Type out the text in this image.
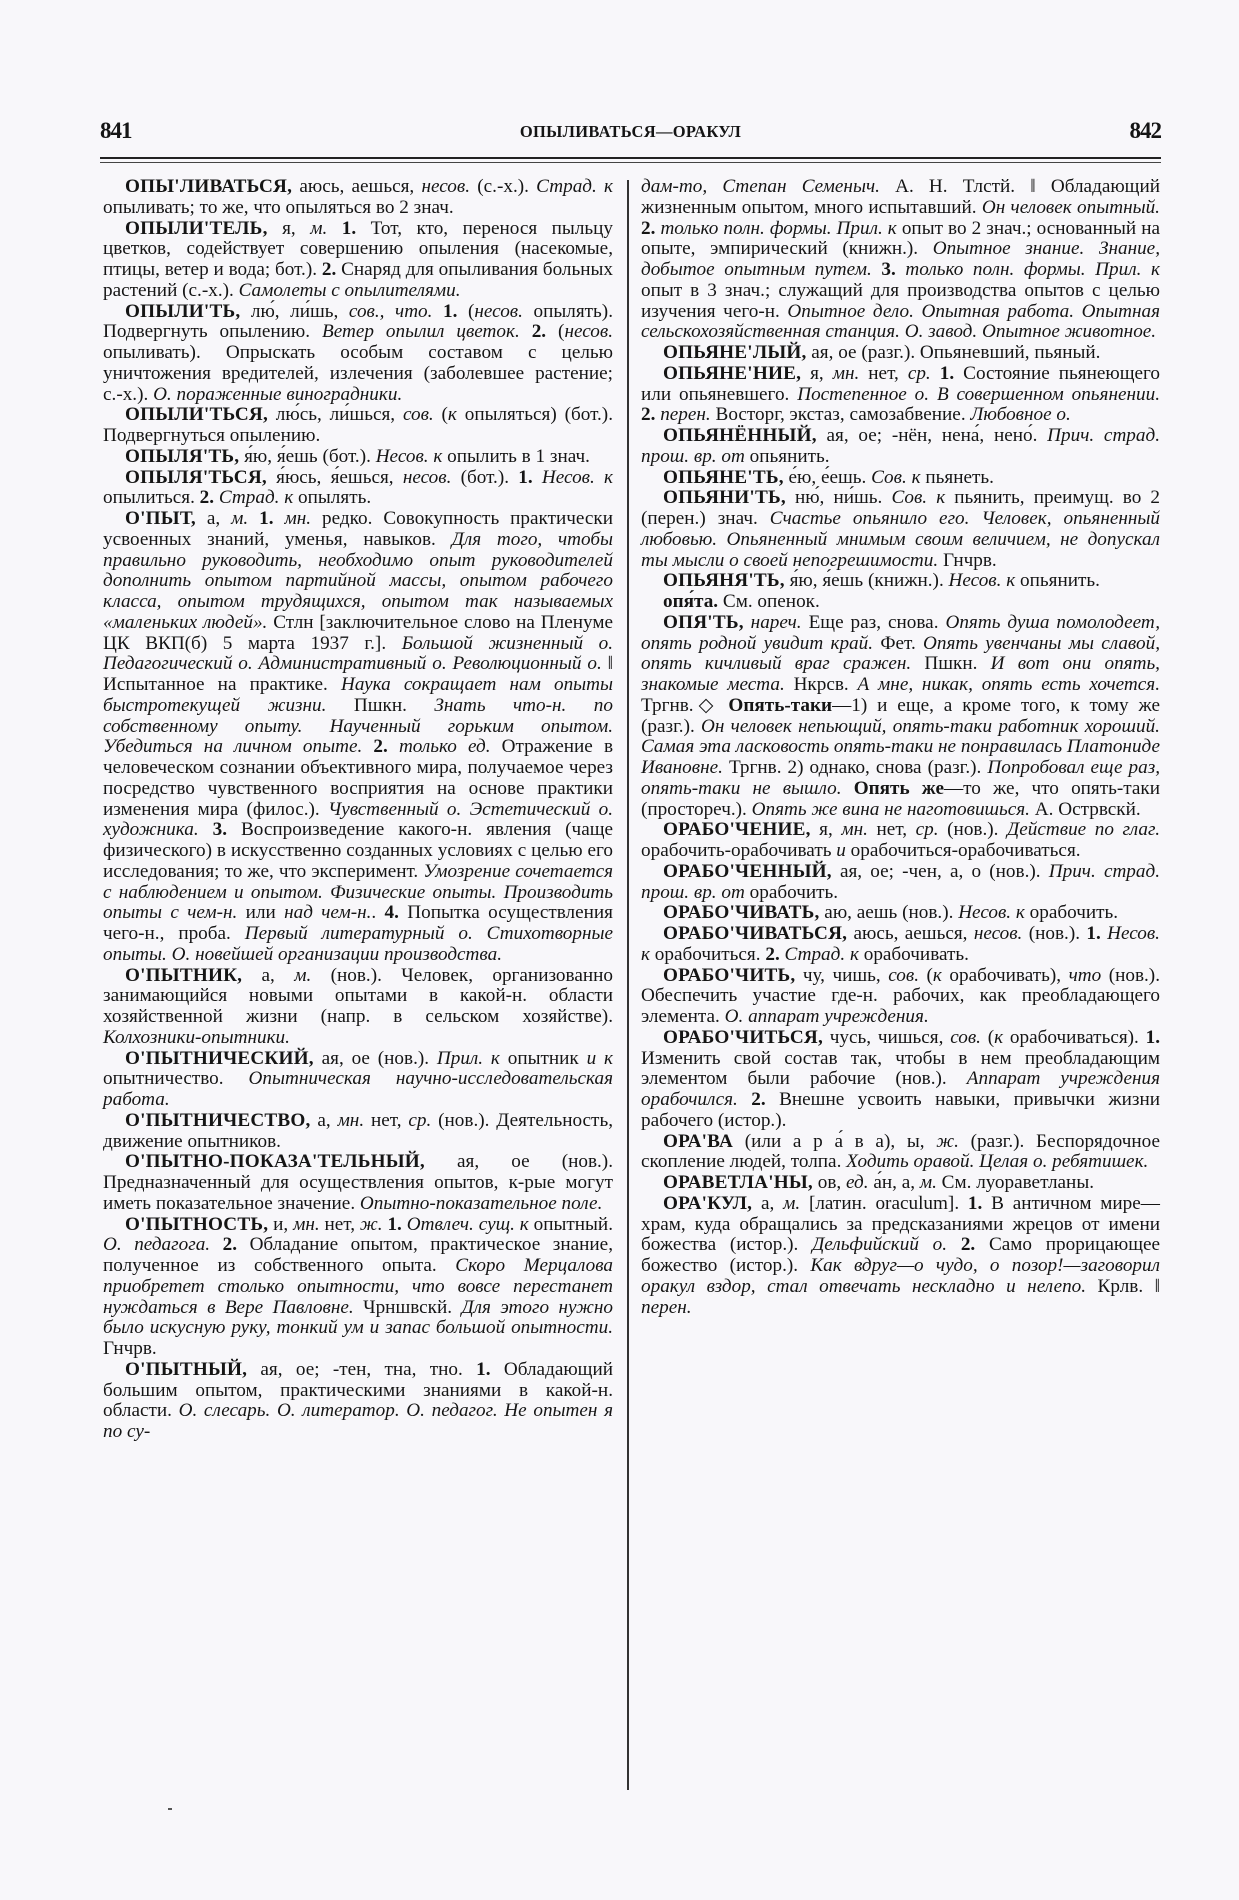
841	ОПЫЛИВАТЬСЯ—ОРАКУЛ	842

ОПЫ'ЛИВАТЬСЯ, аюсь, аешься, несов. (с.-х.). Страд. к опыливать; то же, что опыляться во 2 знач.

ОПЫЛИ'ТЕЛЬ, я, м. 1. Тот, кто, перенося пыльцу цветков, содействует совершению опыления (насекомые, птицы, ветер и вода; бот.). 2. Снаряд для опыливания больных растений (с.-х.). Самолеты с опылителями.

ОПЫЛИ'ТЬ, лю́, ли́шь, сов., что. 1. (несов. опылять). Подвергнуть опылению. Ветер опылил цветок. 2. (несов. опыливать). Опрыскать особым составом с целью уничтожения вредителей, излечения (заболевшее растение; с.-х.). О. пораженные виноградники.

ОПЫЛИ'ТЬСЯ, лю́сь, ли́шься, сов. (к опыляться) (бот.). Подвергнуться опылению.

ОПЫЛЯ'ТЬ, я́ю, я́ешь (бот.). Несов. к опылить в 1 знач.

ОПЫЛЯ'ТЬСЯ, я́юсь, я́ешься, несов. (бот.). 1. Несов. к опылиться. 2. Страд. к опылять.

О'ПЫТ, а, м. 1. мн. редко. Совокупность практически усвоенных знаний, уменья, навыков. Для того, чтобы правильно руководить, необходимо опыт руководителей дополнить опытом партийной массы, опытом рабочего класса, опытом трудящихся, опытом так называемых «маленьких людей». Стлн [заключительное слово на Пленуме ЦК ВКП(б) 5 марта 1937 г.]. Большой жизненный о. Педагогический о. Административный о. Революционный о. ‖ Испытанное на практике. Наука сокращает нам опыты быстротекущей жизни. Пшкн. Знать что-н. по собственному опыту. Наученный горьким опытом. Убедиться на личном опыте. 2. только ед. Отражение в человеческом сознании объективного мира, получаемое через посредство чувственного восприятия на основе практики изменения мира (филос.). Чувственный о. Эстетический о. художника. 3. Воспроизведение какого-н. явления (чаще физического) в искусственно созданных условиях с целью его исследования; то же, что эксперимент. Умозрение сочетается с наблюдением и опытом. Физические опыты. Производить опыты с чем-н. или над чем-н.. 4. Попытка осуществления чего-н., проба. Первый литературный о. Стихотворные опыты. О. новейшей организации производства.

О'ПЫТНИК, а, м. (нов.). Человек, организованно занимающийся новыми опытами в какой-н. области хозяйственной жизни (напр. в сельском хозяйстве). Колхозники-опытники.

О'ПЫТНИЧЕСКИЙ, ая, ое (нов.). Прил. к опытник и к опытничество. Опытническая научно-исследовательская работа.

О'ПЫТНИЧЕСТВО, а, мн. нет, ср. (нов.). Деятельность, движение опытников.

О'ПЫТНО-ПОКАЗА'ТЕЛЬНЫЙ, ая, ое (нов.). Предназначенный для осуществления опытов, к-рые могут иметь показательное значение. Опытно-показательное поле.

О'ПЫТНОСТЬ, и, мн. нет, ж. 1. Отвлеч. сущ. к опытный. О. педагога. 2. Обладание опытом, практическое знание, полученное из собственного опыта. Скоро Мерцалова приобретет столько опытности, что вовсе перестанет нуждаться в Вере Павловне. Чрншвскй. Для этого нужно было искусную руку, тонкий ум и запас большой опытности. Гнчрв.

О'ПЫТНЫЙ, ая, ое; -тен, тна, тно. 1. Обладающий большим опытом, практическими знаниями в какой-н. области. О. слесарь. О. литератор. О. педагог. Не опытен я по су-

дам-то, Степан Семеныч. А. Н. Тлстй. ‖ Обладающий жизненным опытом, много испытавший. Он человек опытный. 2. только полн. формы. Прил. к опыт во 2 знач.; основанный на опыте, эмпирический (книжн.). Опытное знание. Знание, добытое опытным путем. 3. только полн. формы. Прил. к опыт в 3 знач.; служащий для производства опытов с целью изучения чего-н. Опытное дело. Опытная работа. Опытная сельскохозяйственная станция. О. завод. Опытное животное.

ОПЬЯНЕ'ЛЫЙ, ая, ое (разг.). Опьяневший, пьяный.

ОПЬЯНЕ'НИЕ, я, мн. нет, ср. 1. Состояние пьянеющего или опьяневшего. Постепенное о. В совершенном опьянении. 2. перен. Восторг, экстаз, самозабвение. Любовное о.

ОПЬЯНЁННЫЙ, ая, ое; -нён, нена́, нено́. Прич. страд. прош. вр. от опьянить.

ОПЬЯНЕ'ТЬ, е́ю, е́ешь. Сов. к пьянеть.

ОПЬЯНИ'ТЬ, ню́, ни́шь. Сов. к пьянить, преимущ. во 2 (перен.) знач. Счастье опьянило его. Человек, опьяненный любовью. Опьяненный мнимым своим величием, не допускал ты мысли о своей непогрешимости. Гнчрв.

ОПЬЯНЯ'ТЬ, я́ю, я́ешь (книжн.). Несов. к опьянить.

опя́та. См. опенок.

ОПЯ'ТЬ, нареч. Еще раз, снова. Опять душа помолодеет, опять родной увидит край. Фет. Опять увенчаны мы славой, опять кичливый враг сражен. Пшкн. И вот они опять, знакомые места. Нкрсв. А мне, никак, опять есть хочется. Тргнв.◇ Опять-таки—1) и еще, а кроме того, к тому же (разг.). Он человек непьющий, опять-таки работник хороший. Самая эта ласковость опять-таки не понравилась Платониде Ивановне. Тргнв. 2) однако, снова (разг.). Попробовал еще раз, опять-таки не вышло. Опять же—то же, что опять-таки (простореч.). Опять же вина не наготовишься. А. Острвскй.

ОРАБО'ЧЕНИЕ, я, мн. нет, ср. (нов.). Действие по глаг. орабочить-орабочивать и орабочиться-орабочиваться.

ОРАБО'ЧЕННЫЙ, ая, ое; -чен, а, о (нов.). Прич. страд. прош. вр. от орабочить.

ОРАБО'ЧИВАТЬ, аю, аешь (нов.). Несов. к орабочить.

ОРАБО'ЧИВАТЬСЯ, аюсь, аешься, несов. (нов.). 1. Несов. к орабочиться. 2. Страд. к орабочивать.

ОРАБО'ЧИТЬ, чу, чишь, сов. (к орабочивать), что (нов.). Обеспечить участие где-н. рабочих, как преобладающего элемента. О. аппарат учреждения.

ОРАБО'ЧИТЬСЯ, чусь, чишься, сов. (к орабочиваться). 1. Изменить свой состав так, чтобы в нем преобладающим элементом были рабочие (нов.). Аппарат учреждения орабочился. 2. Внешне усвоить навыки, привычки жизни рабочего (истор.).

ОРА'ВА (или а р а́ в а), ы, ж. (разг.). Беспорядочное скопление людей, толпа. Ходить оравой. Целая о. ребятишек.

ОРАВЕТЛА'НЫ, ов, ед. а́н, а, м. См. луораветланы.

ОРА'КУЛ, а, м. [латин. oraculum]. 1. В античном мире—храм, куда обращались за предсказаниями жрецов от имени божества (истор.). Дельфийский о. 2. Само прорицающее божество (истор.). Как вдруг—о чудо, о позор!—заговорил оракул вздор, стал отвечать нескладно и нелепо. Крлв. ‖ перен.
